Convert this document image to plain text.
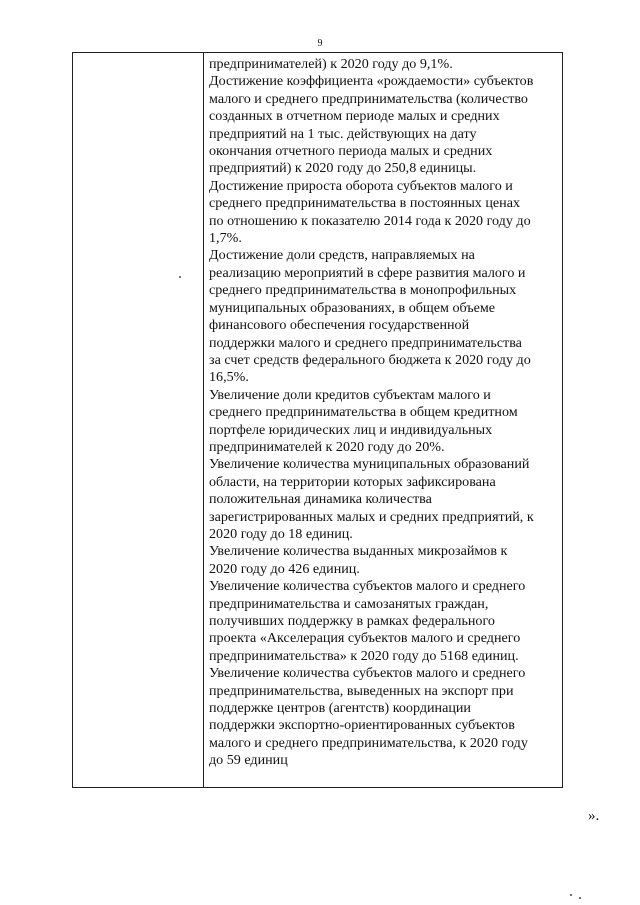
9

предпринимателей) к 2020 году до 9,1%.

Достижение коэффициента «рождаемости» субъектов
малого и среднего предпринимательства (количество
созданных в отчетном периоде малых и средних
предприятий на 1 тыс. действующих на дату
окончания отчетного периода малых и средних
предприятий) к 2020 году до 250,8 единицы.

Достижение прироста оборота субъектов малого и
среднего предпринимательства в постоянных ценах
по отношению к показателю 2014 года к 2020 году до
1,7%.

Достижение доли средств, направляемых на
реализацию мероприятий в сфере развития малого и
среднего предпринимательства в монопрофильных
муниципальных образованиях, в общем объеме
финансового обеспечения государственной
поддержки малого и среднего предпринимательства
за счет средств федерального бюджета к 2020 году до
16,5%.

Увеличение доли кредитов субъектам малого и
среднего предпринимательства в общем кредитном
портфеле юридических лиц и индивидуальных
предпринимателей к 2020 году до 20%.

Увеличение количества муниципальных образований
области, на территории которых зафиксирована
положительная динамика количества
зарегистрированных малых и средних предприятий, к
2020 году до 18 единиц.

Увеличение количества выданных микрозаймов к
2020 году до 426 единиц.

Увеличение количества субъектов малого и среднего
предпринимательства и самозанятых граждан,
получивших поддержку в рамках федерального
проекта «Акселерация субъектов малого и среднего
предпринимательства» к 2020 году до 5168 единиц.

Увеличение количества субъектов малого и среднего
предпринимательства, выведенных на экспорт при
поддержке центров (агентств) координации
поддержки экспортно-ориентированных субъектов
малого и среднего предпринимательства, к 2020 году
до 59 единиц

».
